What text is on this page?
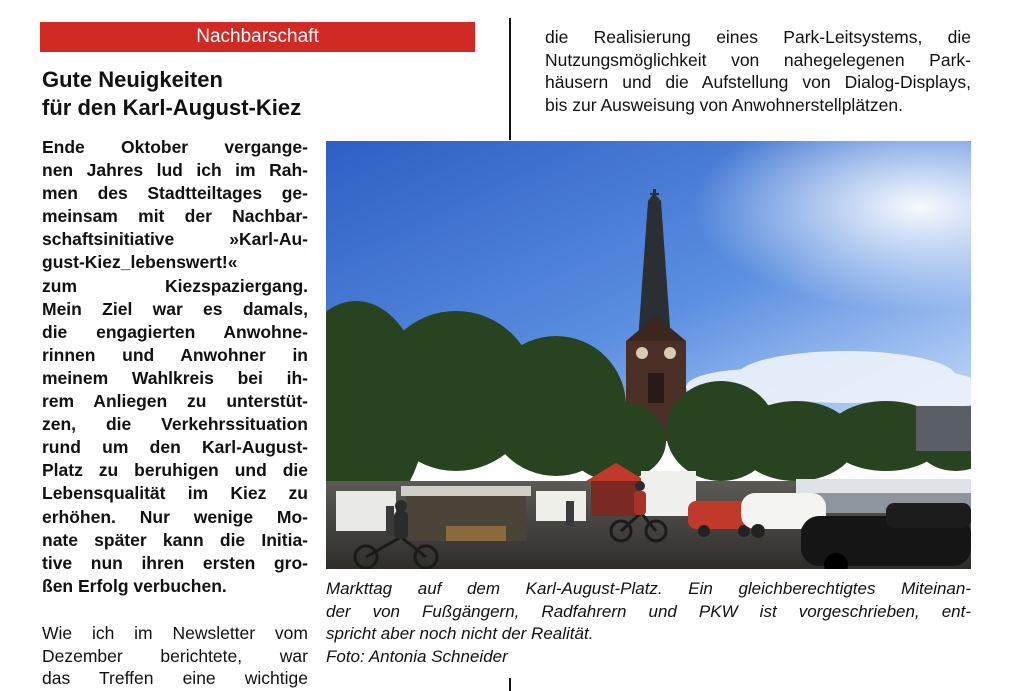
Nachbarschaft
Gute Neuigkeiten
für den Karl-August-Kiez

die Realisierung eines Park-Leitsystems, die
Nutzungsmöglichkeit von nahegelegenen Park-
häusern und die Aufstellung von Dialog-Displays,
bis zur Ausweisung von Anwohnerstellplätzen.

Ende Oktober vergange-
nen Jahres lud ich im Rah-
men des Stadtteiltages ge-
meinsam mit der Nachbar-
schaftsinitiative »Karl-Au-
gust-Kiez_lebenswert!«
zum Kiezspaziergang.
Mein Ziel war es damals,
die engagierten Anwohne-
rinnen und Anwohner in
meinem Wahlkreis bei ih-
rem Anliegen zu unterstüt-
zen, die Verkehrssituation
rund um den Karl-August-
Platz zu beruhigen und die
Lebensqualität im Kiez zu
erhöhen. Nur wenige Mo-
nate später kann die Initia-
tive nun ihren ersten gro-
ßen Erfolg verbuchen.

Wie ich im Newsletter vom
Dezember berichtete, war
das Treffen eine wichtige

Markttag auf dem Karl-August-Platz. Ein gleichberechtigtes Miteinan-
der von Fußgängern, Radfahrern und PKW ist vorgeschrieben, ent-
spricht aber noch nicht der Realität.
Foto: Antonia Schneider
